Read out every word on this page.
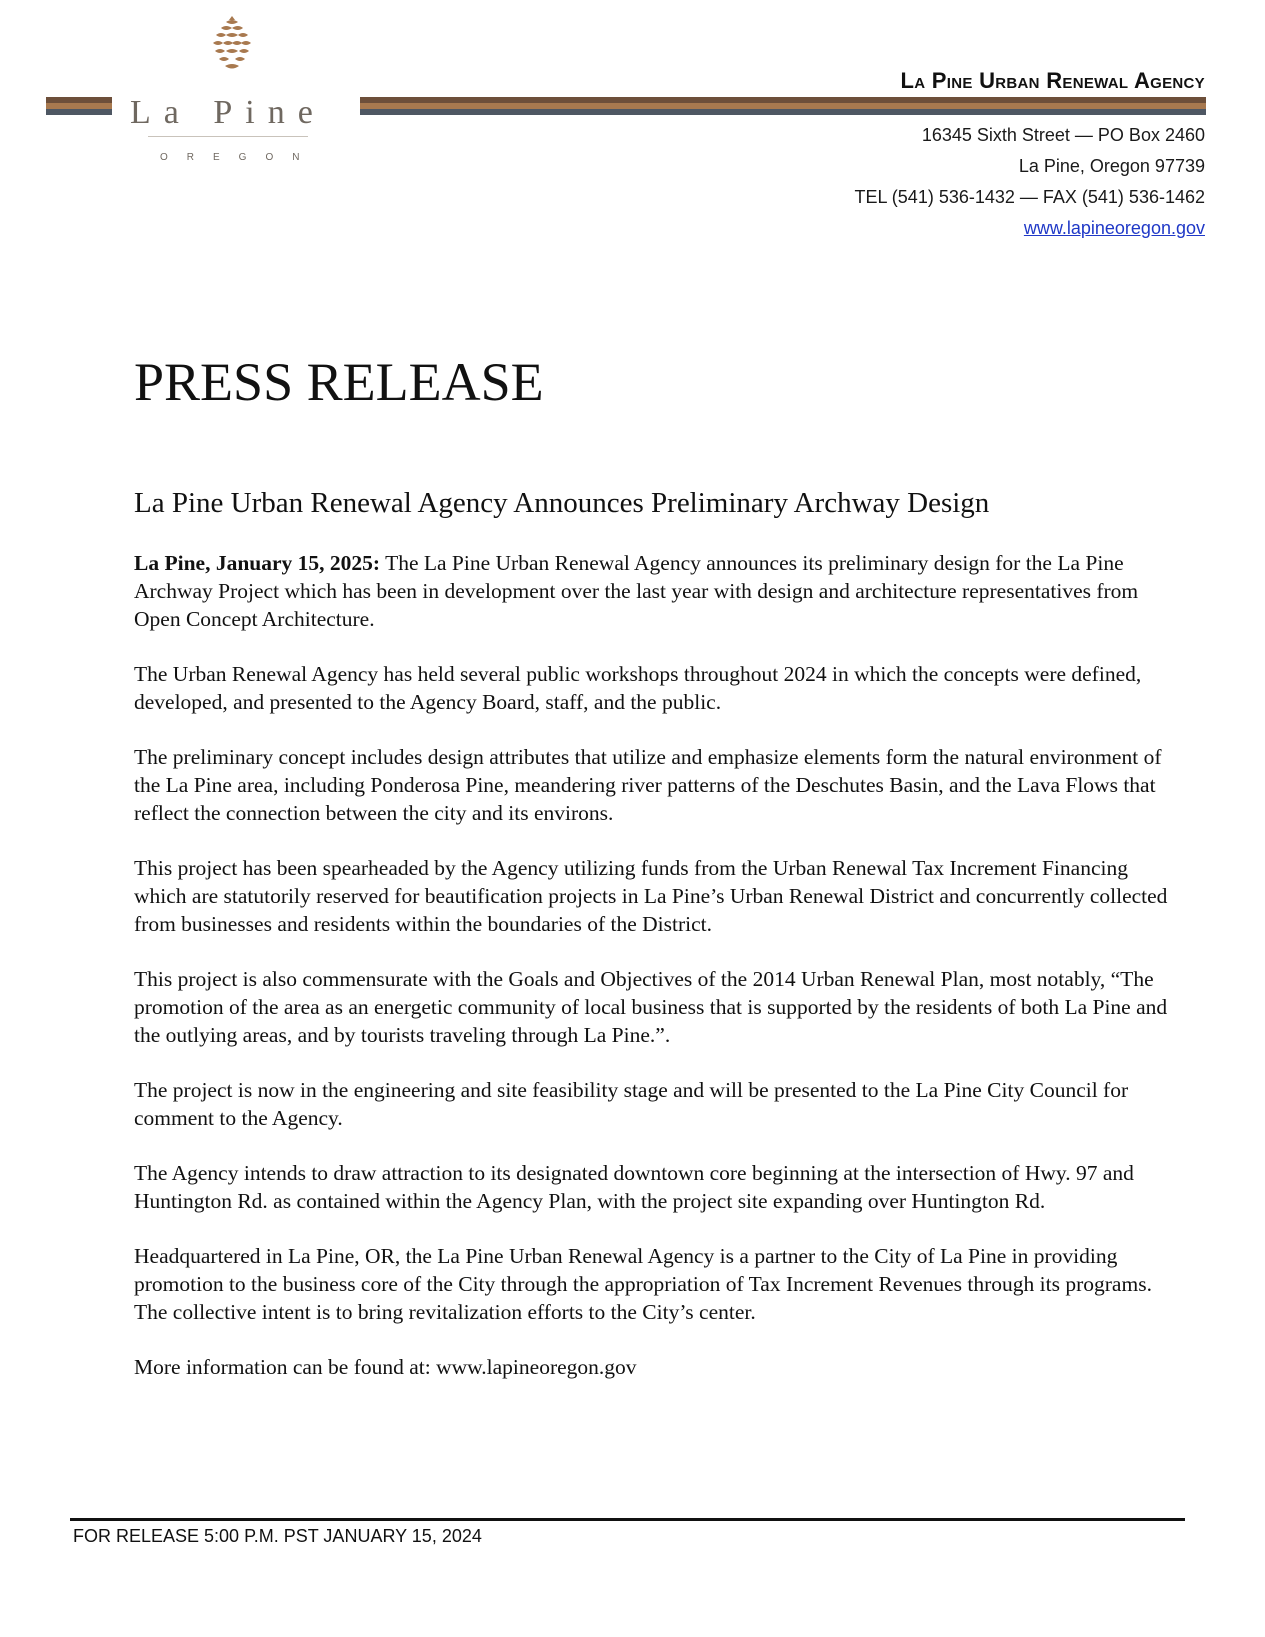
La Pine
OREGON
La Pine Urban Renewal Agency
16345 Sixth Street — PO Box 2460
La Pine, Oregon 97739
TEL (541) 536-1432 — FAX (541) 536-1462
www.lapineoregon.gov
PRESS RELEASE
La Pine Urban Renewal Agency Announces Preliminary Archway Design

La Pine, January 15, 2025: The La Pine Urban Renewal Agency announces its preliminary design for the La Pine Archway Project which has been in development over the last year with design and architecture representatives from Open Concept Architecture.

The Urban Renewal Agency has held several public workshops throughout 2024 in which the concepts were defined, developed, and presented to the Agency Board, staff, and the public.

The preliminary concept includes design attributes that utilize and emphasize elements form the natural environment of the La Pine area, including Ponderosa Pine, meandering river patterns of the Deschutes Basin, and the Lava Flows that reflect the connection between the city and its environs.

This project has been spearheaded by the Agency utilizing funds from the Urban Renewal Tax Increment Financing which are statutorily reserved for beautification projects in La Pine’s Urban Renewal District and concurrently collected from businesses and residents within the boundaries of the District.

This project is also commensurate with the Goals and Objectives of the 2014 Urban Renewal Plan, most notably, “The promotion of the area as an energetic community of local business that is supported by the residents of both La Pine and the outlying areas, and by tourists traveling through La Pine.”.

The project is now in the engineering and site feasibility stage and will be presented to the La Pine City Council for comment to the Agency.

The Agency intends to draw attraction to its designated downtown core beginning at the intersection of Hwy. 97 and Huntington Rd. as contained within the Agency Plan, with the project site expanding over Huntington Rd.

Headquartered in La Pine, OR, the La Pine Urban Renewal Agency is a partner to the City of La Pine in providing promotion to the business core of the City through the appropriation of Tax Increment Revenues through its programs. The collective intent is to bring revitalization efforts to the City’s center.

More information can be found at: www.lapineoregon.gov

FOR RELEASE 5:00 P.M. PST JANUARY 15, 2024
